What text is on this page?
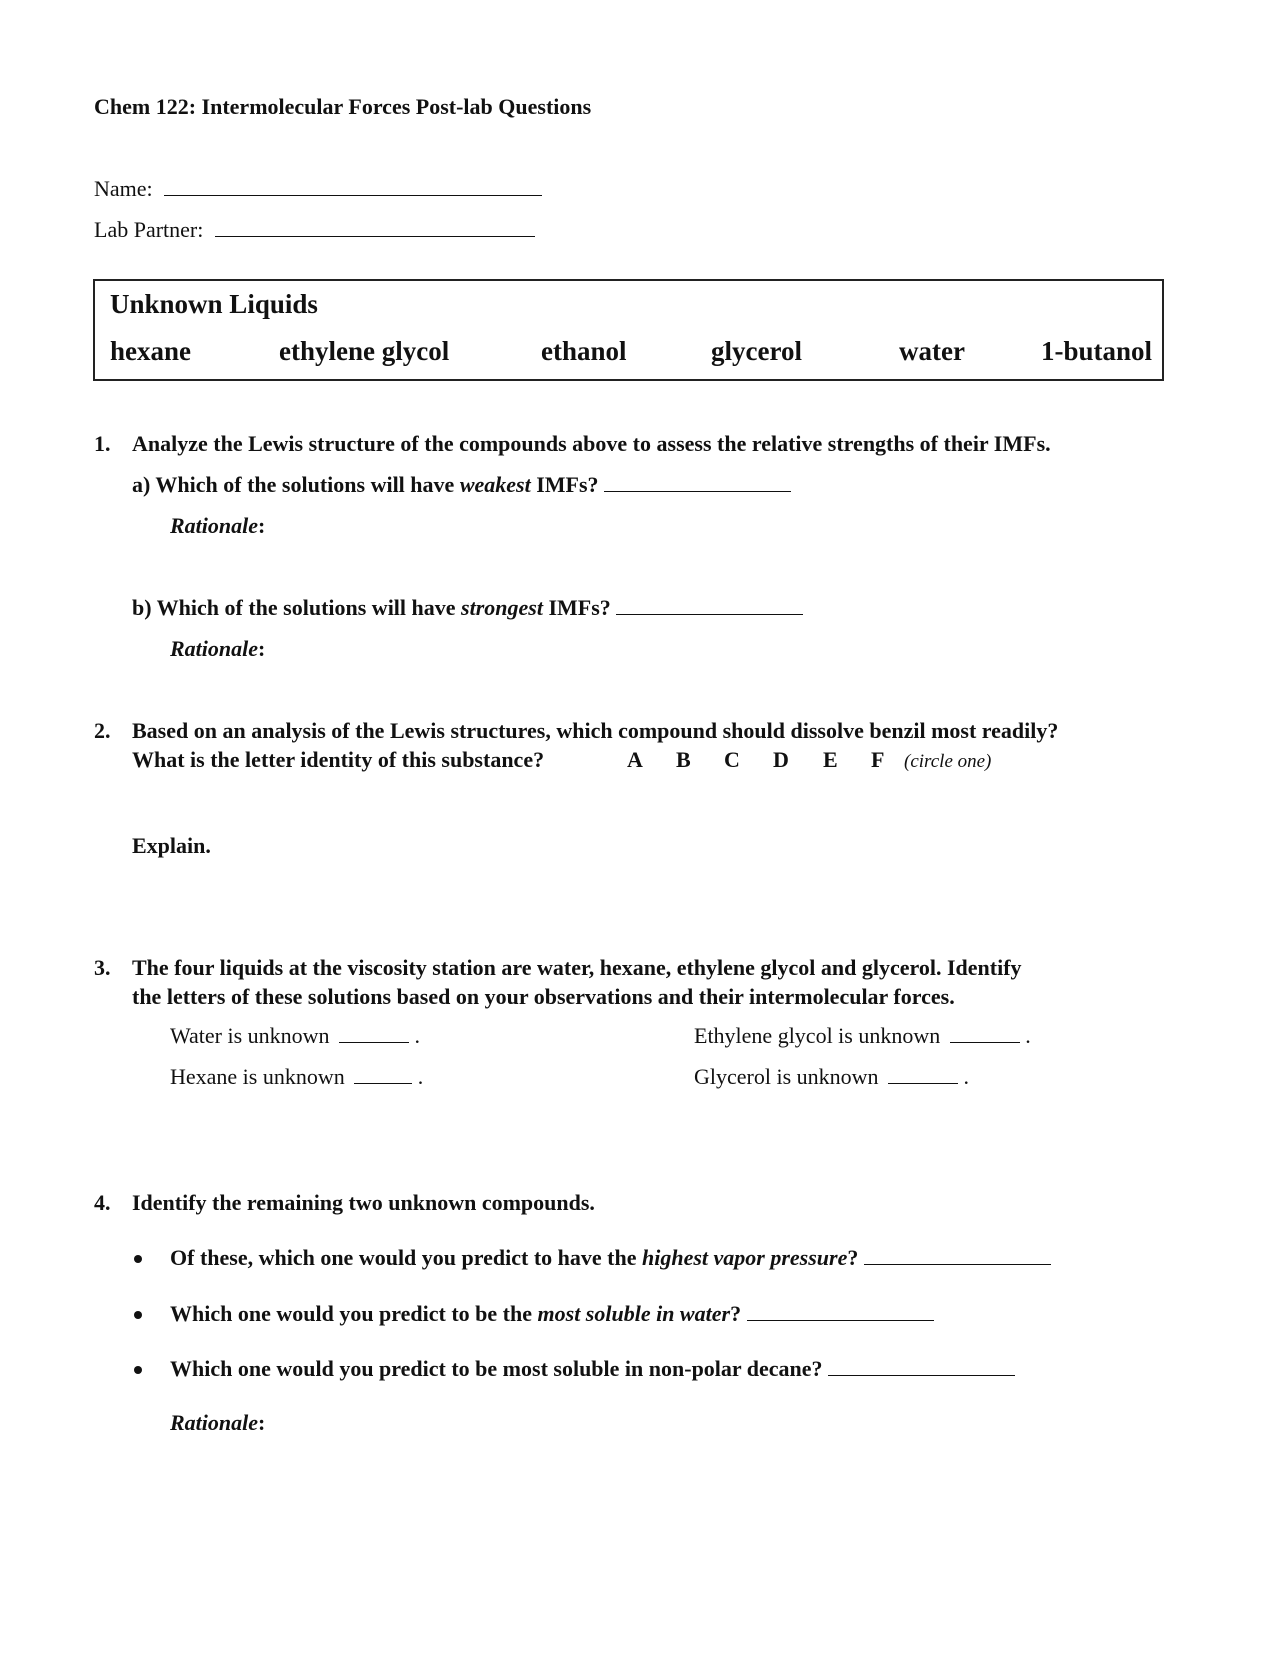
Chem 122: Intermolecular Forces Post-lab Questions
Name:
Lab Partner:
Unknown Liquids
hexane	ethylene glycol	ethanol	glycerol	water	1-butanol
1. Analyze the Lewis structure of the compounds above to assess the relative strengths of their IMFs.
a) Which of the solutions will have weakest IMFs?
Rationale:
b) Which of the solutions will have strongest IMFs?
Rationale:
2. Based on an analysis of the Lewis structures, which compound should dissolve benzil most readily?
What is the letter identity of this substance?	A B C D E F (circle one)
Explain.
3. The four liquids at the viscosity station are water, hexane, ethylene glycol and glycerol. Identify
the letters of these solutions based on your observations and their intermolecular forces.
Water is unknown	.	Ethylene glycol is unknown	.
Hexane is unknown	.	Glycerol is unknown	.
4. Identify the remaining two unknown compounds.
Of these, which one would you predict to have the highest vapor pressure?
Which one would you predict to be the most soluble in water?
Which one would you predict to be most soluble in non-polar decane?
Rationale:
